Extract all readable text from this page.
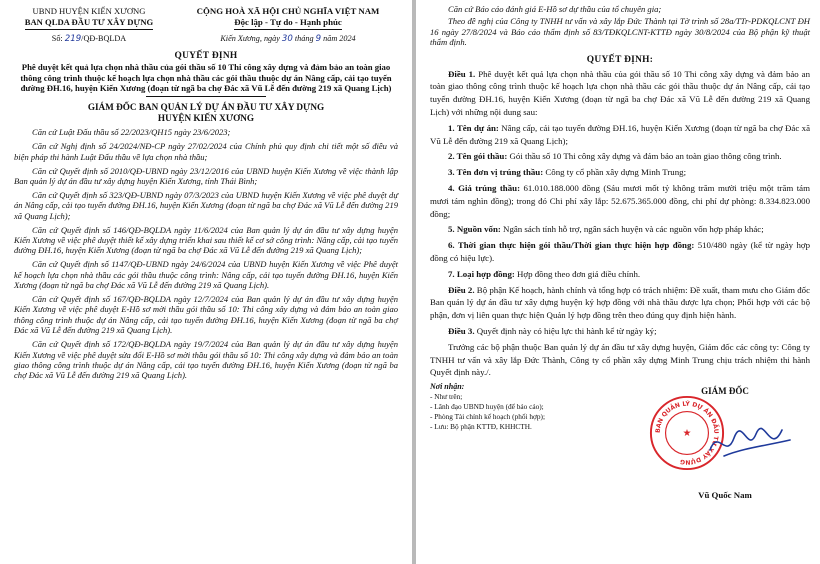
UBND HUYỆN KIẾN XƯƠNG
BAN QLDA ĐẦU TƯ XÂY DỰNG
Số: 219/QĐ-BQLDA
CỘNG HOÀ XÃ HỘI CHỦ NGHĨA VIỆT NAM
Độc lập - Tự do - Hạnh phúc
Kiến Xương, ngày 30 tháng 9 năm 2024
QUYẾT ĐỊNH
Phê duyệt kết quả lựa chọn nhà thầu của gói thầu số 10 Thi công xây dựng và đảm bảo an toàn giao thông công trình thuộc kế hoạch lựa chọn nhà thầu các gói thầu thuộc dự án Nâng cấp, cải tạo tuyến đường ĐH.16, huyện Kiến Xương (đoạn từ ngã ba chợ Đác xã Vũ Lễ đến đường 219 xã Quang Lịch)
GIÁM ĐỐC BAN QUẢN LÝ DỰ ÁN ĐẦU TƯ XÂY DỰNG
HUYỆN KIẾN XƯƠNG
Căn cứ Luật Đấu thầu số 22/2023/QH15 ngày 23/6/2023;
Căn cứ Nghị định số 24/2024/NĐ-CP ngày 27/02/2024 của Chính phủ quy định chi tiết một số điều và biện pháp thi hành Luật Đấu thầu về lựa chọn nhà thầu;
Căn cứ Quyết định số 2010/QĐ-UBND ngày 23/12/2016 của UBND huyện Kiến Xương về việc thành lập Ban quản lý dự án đầu tư xây dựng huyện Kiến Xương, tỉnh Thái Bình;
Căn cứ Quyết định số 323/QĐ-UBND ngày 07/3/2023 của UBND huyện Kiến Xương về việc phê duyệt dự án Nâng cấp, cải tạo tuyến đường ĐH.16, huyện Kiến Xương (đoạn từ ngã ba chợ Đác xã Vũ Lễ đến đường 219 xã Quang Lịch);
Căn cứ Quyết định số 146/QĐ-BQLDA ngày 11/6/2024 của Ban quản lý dự án đầu tư xây dựng huyện Kiến Xương về việc phê duyệt thiết kế xây dựng triển khai sau thiết kế cơ sở công trình: Nâng cấp, cải tạo tuyến đường ĐH.16, huyện Kiến Xương (đoạn từ ngã ba chợ Đác xã Vũ Lễ đến đường 219 xã Quang Lịch);
Căn cứ Quyết định số 1147/QĐ-UBND ngày 24/6/2024 của UBND huyện Kiến Xương về việc Phê duyệt kế hoạch lựa chọn nhà thầu các gói thầu thuộc công trình: Nâng cấp, cải tạo tuyến đường ĐH.16, huyện Kiến Xương (đoạn từ ngã ba chợ Đác xã Vũ Lễ đến đường 219 xã Quang Lịch).
Căn cứ Quyết định số 167/QĐ-BQLDA ngày 12/7/2024 của Ban quản lý dự án đầu tư xây dựng huyện Kiến Xương về việc phê duyệt E-Hồ sơ mời thầu gói thầu số 10: Thi công xây dựng và đảm bảo an toàn giao thông công trình thuộc dự án Nâng cấp, cải tạo tuyến đường ĐH.16, huyện Kiến Xương (đoạn từ ngã ba chợ Đác xã Vũ Lễ đến đường 219 xã Quang Lịch).
Căn cứ Quyết định số 172/QĐ-BQLDA ngày 19/7/2024 của Ban quản lý dự án đầu tư xây dựng huyện Kiến Xương về việc phê duyệt sửa đổi E-Hồ sơ mời thầu gói thầu số 10: Thi công xây dựng và đảm bảo an toàn giao thông công trình thuộc dự án Nâng cấp, cải tạo tuyến đường ĐH.16, huyện Kiến Xương (đoạn từ ngã ba chợ Đác xã Vũ Lễ đến đường 219 xã Quang Lịch).
Căn cứ Báo cáo đánh giá E-Hồ sơ dự thầu của tổ chuyên gia;
Theo đề nghị của Công ty TNHH tư vấn và xây lắp Đức Thành tại Tờ trình số 28a/TTr-PDKQLCNT ĐH 16 ngày 27/8/2024 và Báo cáo thẩm định số 83/TĐKQLCNT-KTTĐ ngày 30/8/2024 của Bộ phận kỹ thuật thẩm định.
QUYẾT ĐỊNH:
Điều 1. Phê duyệt kết quả lựa chọn nhà thầu của gói thầu số 10 Thi công xây dựng và đảm bảo an toàn giao thông công trình thuộc kế hoạch lựa chọn nhà thầu các gói thầu thuộc dự án Nâng cấp, cải tạo tuyến đường ĐH.16, huyện Kiến Xương (đoạn từ ngã ba chợ Đác xã Vũ Lễ đến đường 219 xã Quang Lịch) với những nội dung sau:
1. Tên dự án: Nâng cấp, cải tạo tuyến đường ĐH.16, huyện Kiến Xương (đoạn từ ngã ba chợ Đác xã Vũ Lễ đến đường 219 xã Quang Lịch);
2. Tên gói thầu: Gói thầu số 10 Thi công xây dựng và đảm bảo an toàn giao thông công trình.
3. Tên đơn vị trúng thầu: Công ty cổ phần xây dựng Minh Trung;
4. Giá trúng thầu: 61.010.188.000 đồng (Sáu mươi mốt tỷ không trăm mười triệu một trăm tám mươi tám nghìn đồng); trong đó Chi phí xây lắp: 52.675.365.000 đồng, chi phí dự phòng: 8.334.823.000 đồng;
5. Nguồn vốn: Ngân sách tỉnh hỗ trợ, ngân sách huyện và các nguồn vốn hợp pháp khác;
6. Thời gian thực hiện gói thầu/Thời gian thực hiện hợp đồng: 510/480 ngày (kể từ ngày hợp đồng có hiệu lực).
7. Loại hợp đồng: Hợp đồng theo đơn giá điều chỉnh.
Điều 2. Bộ phận Kế hoạch, hành chính và tổng hợp có trách nhiệm: Đề xuất, tham mưu cho Giám đốc Ban quản lý dự án đầu tư xây dựng huyện ký hợp đồng với nhà thầu được lựa chọn; Phối hợp với các bộ phận, đơn vị liên quan thực hiện Quản lý hợp đồng trên theo đúng quy định hiện hành.
Điều 3. Quyết định này có hiệu lực thi hành kể từ ngày ký;
Trưởng các bộ phận thuộc Ban quản lý dự án đầu tư xây dựng huyện, Giám đốc các công ty: Công ty TNHH tư vấn và xây lắp Đức Thành, Công ty cổ phần xây dựng Minh Trung chịu trách nhiệm thi hành Quyết định này./.
Nơi nhận:
- Như trên;
- Lãnh đạo UBND huyện (để báo cáo);
- Phòng Tài chính kế hoạch (phối hợp);
- Lưu: Bộ phận KTTĐ, KHHCTH.
GIÁM ĐỐC
BAN QUẢN LÝ DỰ ÁN ĐẦU TƯ XÂY DỰNG
★
Vũ Quốc Nam
